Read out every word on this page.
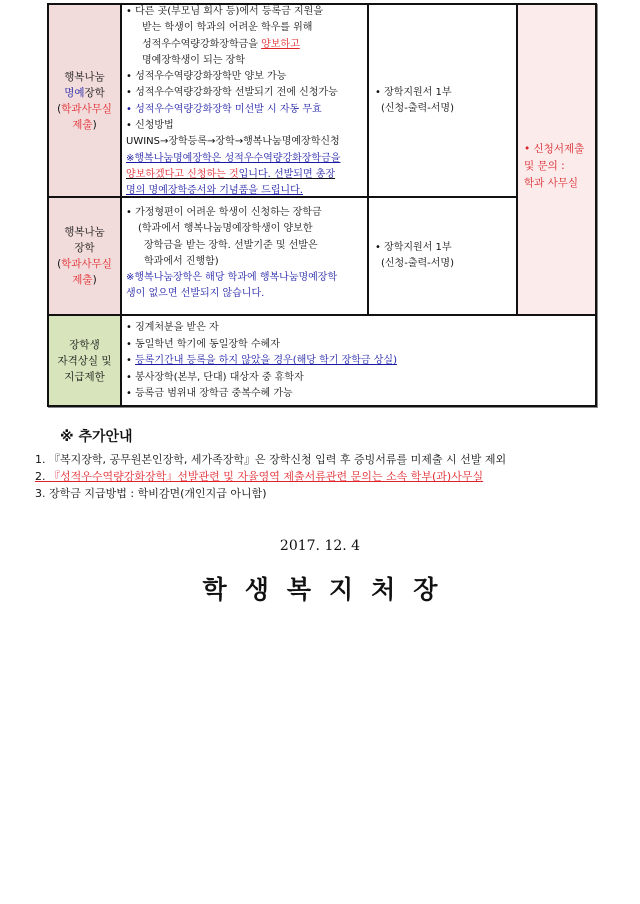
행복나눔
명예장학
(학과사무실
제출)
• 다른 곳(부모님 회사 등)에서 등록금 지원을
받는 학생이 학과의 어려운 학우를 위해
성적우수역량강화장학금을 양보하고
명예장학생이 되는 장학
• 성적우수역량강화장학만 양보 가능
• 성적우수역량강화장학 선발되기 전에 신청가능
• 성적우수역량강화장학 미선발 시 자동 무효
• 신청방법
UWINS→장학등록→장학→행복나눔명예장학신청
※행복나눔명예장학은 성적우수역량강화장학금을
양보하겠다고 신청하는 것입니다. 선발되면 총장
명의 명예장학증서와 기념품을 드립니다.
• 장학지원서 1부
(신청-출력-서명)
• 신청서제출
및 문의 :
학과 사무실
행복나눔
장학
(학과사무실
제출)
• 가정형편이 어려운 학생이 신청하는 장학금
(학과에서 행복나눔명예장학생이 양보한
장학금을 받는 장학. 선발기준 및 선발은
학과에서 진행함)
※행복나눔장학은 해당 학과에 행복나눔명예장학
생이 없으면 선발되지 않습니다.
• 장학지원서 1부
(신청-출력-서명)
장학생
자격상실 및
지급제한
• 징계처분을 받은 자
• 동일학년 학기에 동일장학 수혜자
• 등록기간내 등록을 하지 않았을 경우(해당 학기 장학금 상실)
• 봉사장학(본부, 단대) 대상자 중 휴학자
• 등록금 범위내 장학금 중복수혜 가능
※ 추가안내
1. 『복지장학, 공무원본인장학, 세가족장학』은 장학신청 입력 후 증빙서류를 미제출 시 선발 제외
2. 『성적우수역량강화장학』선발관련 및 자율영역 제출서류관련 문의는 소속 학부(과)사무실
3. 장학금 지급방법 : 학비감면(개인지급 아니함)
2017. 12. 4
학생복지처장
